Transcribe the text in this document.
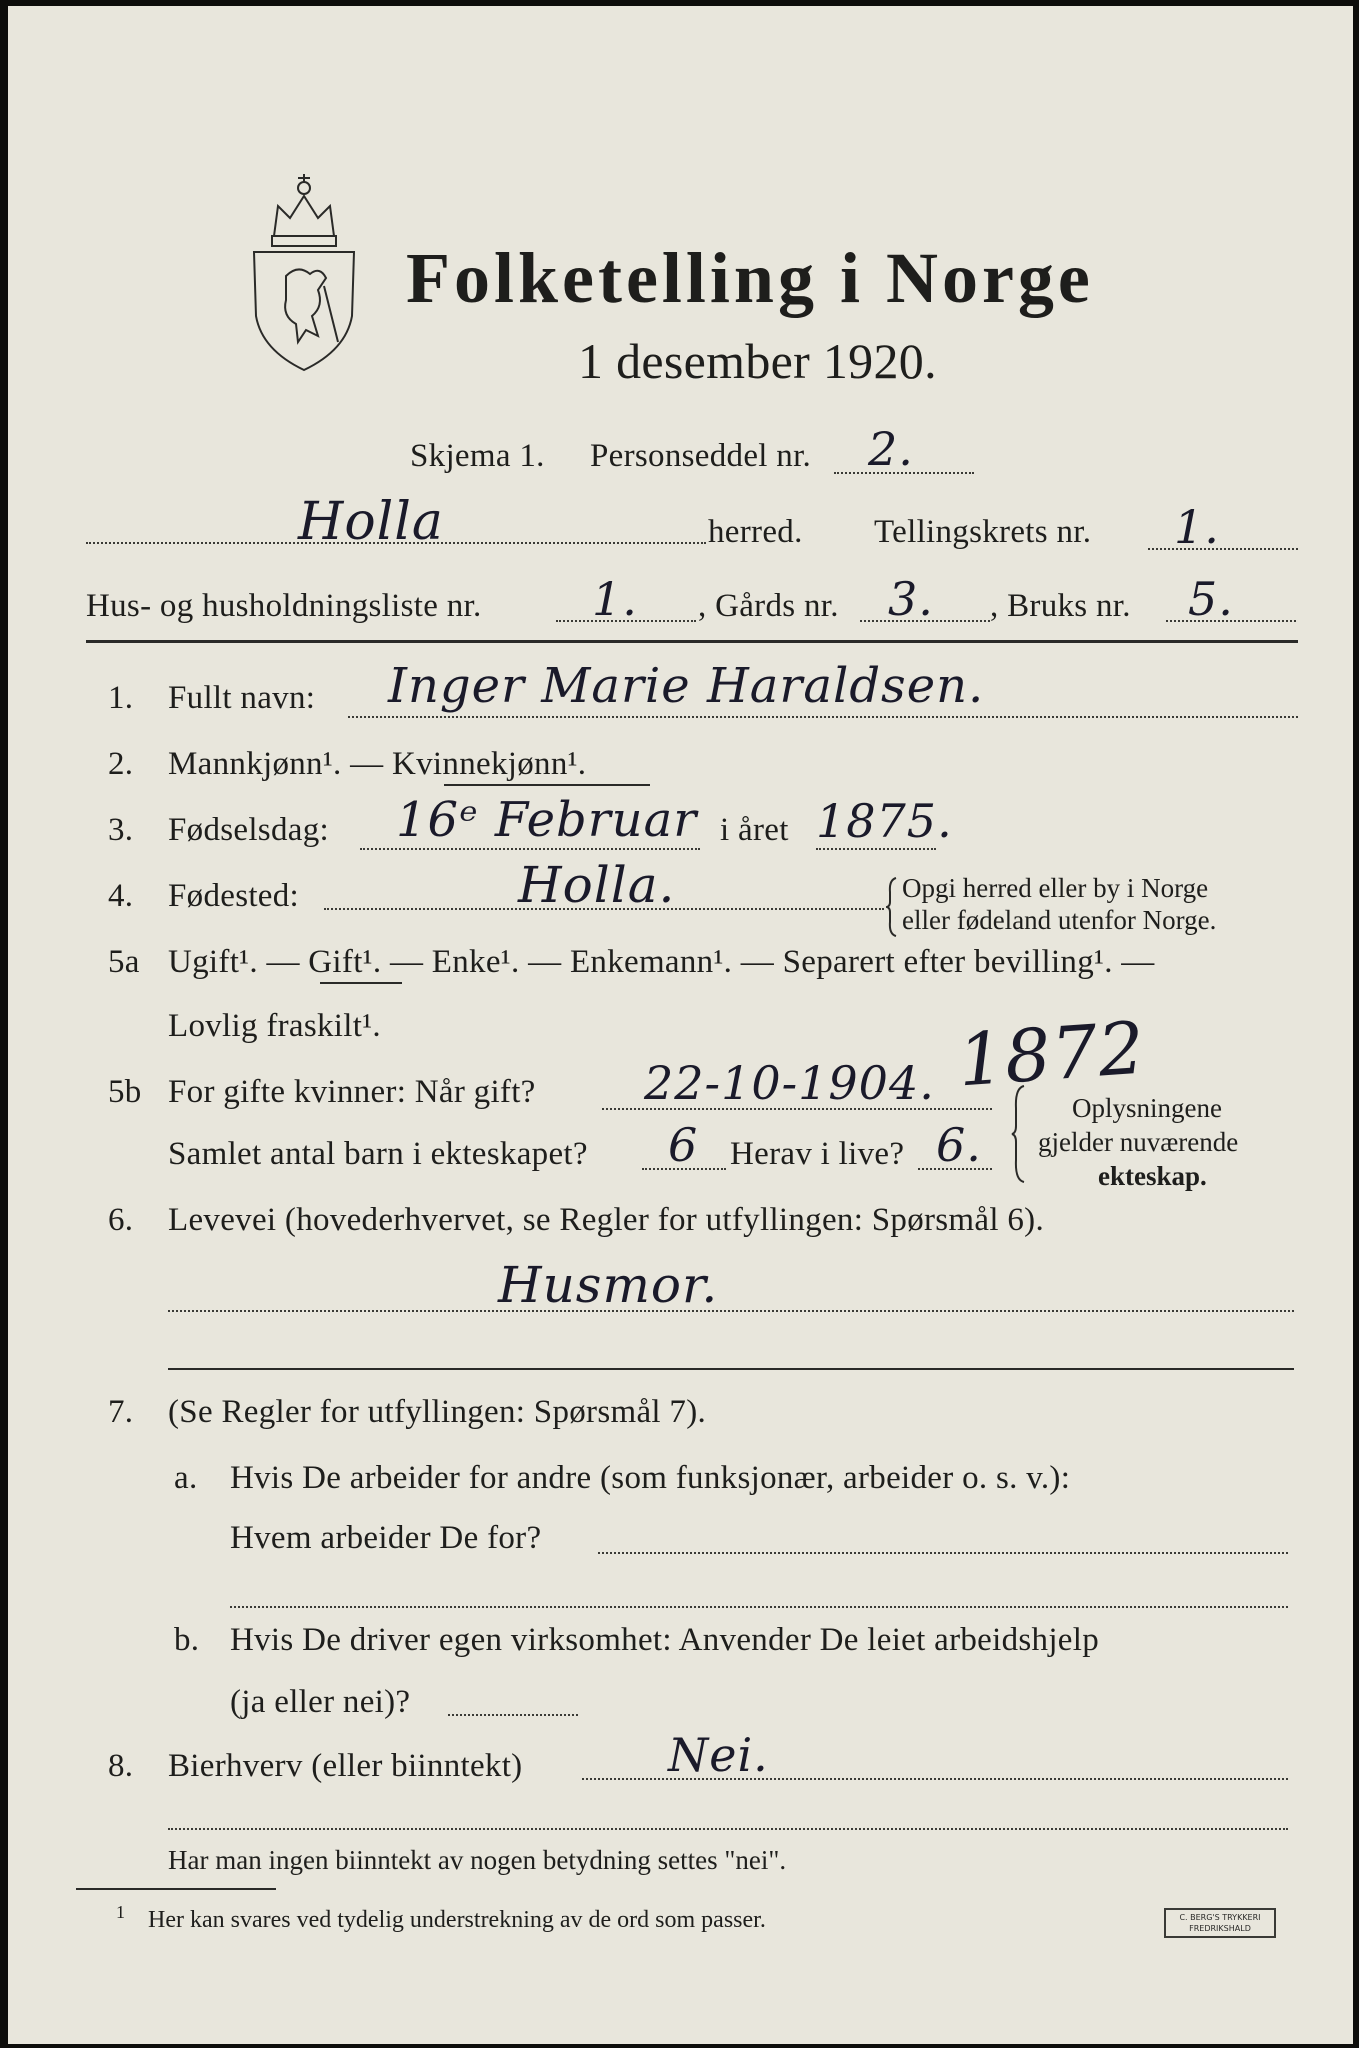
Folketelling i Norge
1 desember 1920.
Skjema 1. Personseddel nr. 2.
Holla	herred. Tellingskrets nr. 1.
Hus- og husholdningsliste nr. 1. , Gårds nr. 3. , Bruks nr. 5.
1. Fullt navn: Inger Marie Haraldsen.
2. Mannkjønn¹. — Kvinnekjønn¹.
3. Fødselsdag: 16ᵉ Februar i året 1875.
4. Fødested:	Holla.	Opgi herred eller by i Norge
eller fødeland utenfor Norge.
5a Ugift¹. — Gift¹. — Enke¹. — Enkemann¹. — Separert efter bevilling¹. —
Lovlig fraskilt¹.	1872
5b For gifte kvinner: Når gift? 22-10-1904.
Samlet antal barn i ekteskapet? 6 Herav i live? 6.
Oplysningene
gjelder nuværende
ekteskap.
6. Levevei (hovederhvervet, se Regler for utfyllingen: Spørsmål 6).
Husmor.
7. (Se Regler for utfyllingen: Spørsmål 7).
a. Hvis De arbeider for andre (som funksjonær, arbeider o. s. v.):
Hvem arbeider De for?
b. Hvis De driver egen virksomhet: Anvender De leiet arbeidshjelp
(ja eller nei)?
8. Bierhverv (eller biinntekt)	Nei.
Har man ingen biinntekt av nogen betydning settes "nei".
1 Her kan svares ved tydelig understrekning av de ord som passer.	C. BERG'S TRYKKERI
FREDRIKSHALD
